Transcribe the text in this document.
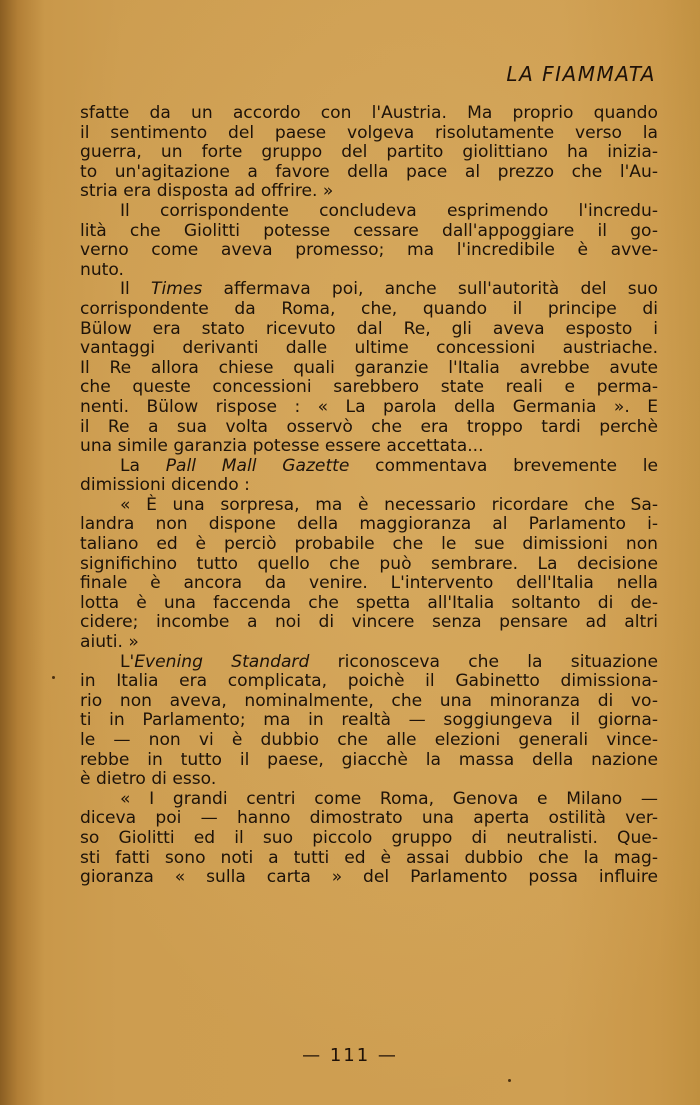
LA FIAMMATA
sfatte da un accordo con l'Austria. Ma proprio quando
il sentimento del paese volgeva risolutamente verso la
guerra, un forte gruppo del partito giolittiano ha inizia-
to un'agitazione a favore della pace al prezzo che l'Au-
stria era disposta ad offrire. »
Il corrispondente concludeva esprimendo l'incredu-
lità che Giolitti potesse cessare dall'appoggiare il go-
verno come aveva promesso; ma l'incredibile è avve-
nuto.
Il Times affermava poi, anche sull'autorità del suo
corrispondente da Roma, che, quando il principe di
Bülow era stato ricevuto dal Re, gli aveva esposto i
vantaggi derivanti dalle ultime concessioni austriache.
Il Re allora chiese quali garanzie l'Italia avrebbe avute
che queste concessioni sarebbero state reali e perma-
nenti. Bülow rispose : « La parola della Germania ». E
il Re a sua volta osservò che era troppo tardi perchè
una simile garanzia potesse essere accettata...
La Pall Mall Gazette commentava brevemente le
dimissioni dicendo :
« È una sorpresa, ma è necessario ricordare che Sa-
landra non dispone della maggioranza al Parlamento i-
taliano ed è perciò probabile che le sue dimissioni non
significhino tutto quello che può sembrare. La decisione
finale è ancora da venire. L'intervento dell'Italia nella
lotta è una faccenda che spetta all'Italia soltanto di de-
cidere; incombe a noi di vincere senza pensare ad altri
aiuti. »
L'Evening Standard riconosceva che la situazione
in Italia era complicata, poichè il Gabinetto dimissiona-
rio non aveva, nominalmente, che una minoranza di vo-
ti in Parlamento; ma in realtà — soggiungeva il giorna-
le — non vi è dubbio che alle elezioni generali vince-
rebbe in tutto il paese, giacchè la massa della nazione
è dietro di esso.
« I grandi centri come Roma, Genova e Milano —
diceva poi — hanno dimostrato una aperta ostilità ver-
so Giolitti ed il suo piccolo gruppo di neutralisti. Que-
sti fatti sono noti a tutti ed è assai dubbio che la mag-
gioranza « sulla carta » del Parlamento possa influire
— 111 —
